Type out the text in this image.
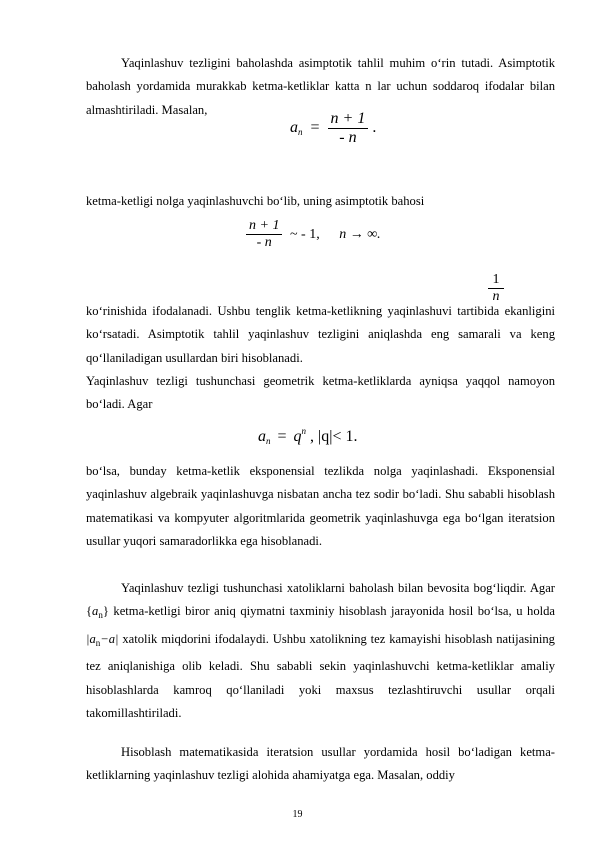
Yaqinlashuv tezligini baholashda asimptotik tahlil muhim o‘rin tutadi. Asimptotik baholash yordamida murakkab ketma-ketliklar katta n lar uchun soddaroq ifodalar bilan almashtiriladi. Masalan,

$a_n = \frac{n + 1}{- n}$ .

ketma-ketligi nolga yaqinlashuvchi bo‘lib, uning asimptotik bahosi

$\frac{n + 1}{- n}$ ~ - 1, n → ∞.
$\frac{1}{n}$

ko‘rinishida ifodalanadi. Ushbu tenglik ketma-ketlikning yaqinlashuvi tartibida ekanligini ko‘rsatadi. Asimptotik tahlil yaqinlashuv tezligini aniqlashda eng samarali va keng qo‘llaniladigan usullardan biri hisoblanadi.

Yaqinlashuv tezligi tushunchasi geometrik ketma-ketliklarda ayniqsa yaqqol namoyon bo‘ladi. Agar

$a_n = q^n$ , |q|< 1.

bo‘lsa, bunday ketma-ketlik eksponensial tezlikda nolga yaqinlashadi. Eksponensial yaqinlashuv algebraik yaqinlashuvga nisbatan ancha tez sodir bo‘ladi. Shu sababli hisoblash matematikasi va kompyuter algoritmlarida geometrik yaqinlashuvga ega bo‘lgan iteratsion usullar yuqori samaradorlikka ega hisoblanadi.

Yaqinlashuv tezligi tushunchasi xatoliklarni baholash bilan bevosita bog‘liqdir. Agar $\{a_n\}$ ketma-ketligi biror aniq qiymatni taxminiy hisoblash jarayonida hosil bo‘lsa, u holda $|a_n-a|$ xatolik miqdorini ifodalaydi. Ushbu xatolikning tez kamayishi hisoblash natijasining tez aniqlanishiga olib keladi. Shu sababli sekin yaqinlashuvchi ketma-ketliklar amaliy hisoblashlarda kamroq qo‘llaniladi yoki maxsus tezlashtiruvchi usullar orqali takomillashtiriladi.

Hisoblash matematikasida iteratsion usullar yordamida hosil bo‘ladigan ketma-ketliklarning yaqinlashuv tezligi alohida ahamiyatga ega. Masalan, oddiy

19
